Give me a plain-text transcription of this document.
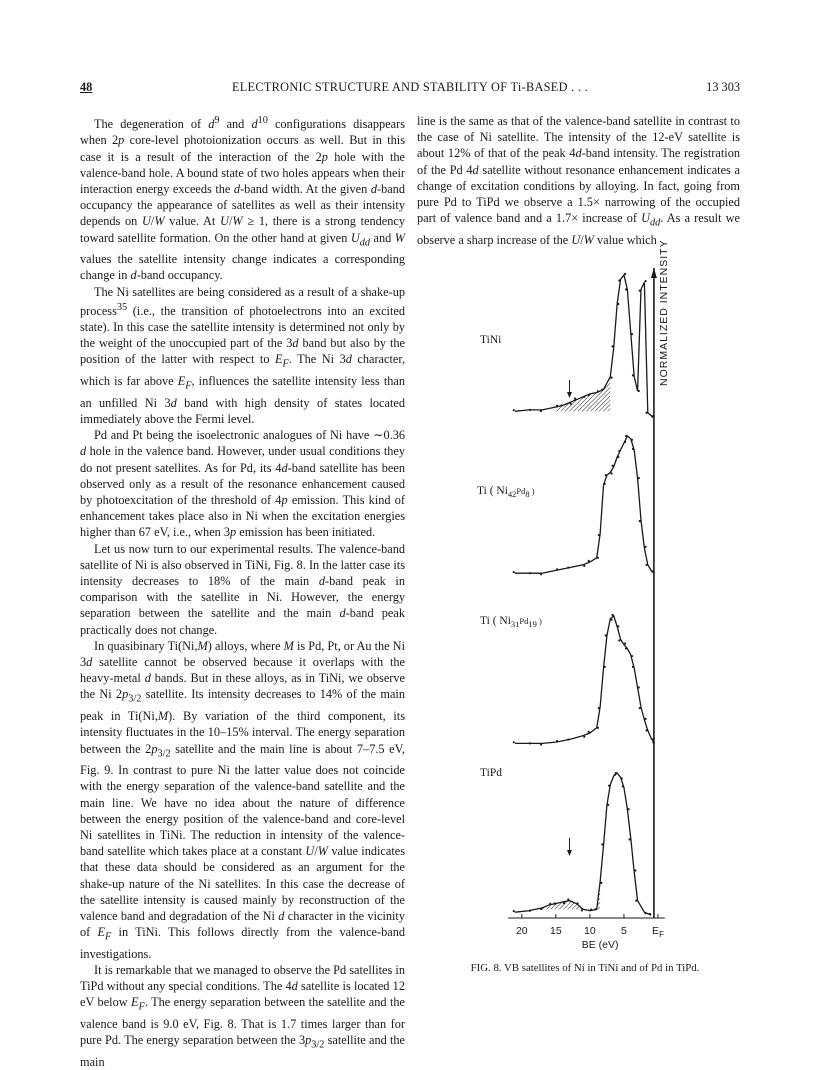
48	ELECTRONIC STRUCTURE AND STABILITY OF Ti-BASED . . .	13 303

The degeneration of $d^9$ and $d^{10}$ configurations disappears when 2p core-level photoionization occurs as well. But in this case it is a result of the interaction of the 2p hole with the valence-band hole. A bound state of two holes appears when their interaction energy exceeds the d-band width. At the given d-band occupancy the appearance of satellites as well as their intensity depends on U/W value. At U/W ≥ 1, there is a strong tendency toward satellite formation. On the other hand at given $U_{dd}$ and W values the satellite intensity change indicates a corresponding change in d-band occupancy.

The Ni satellites are being considered as a result of a shake-up process$^{35}$ (i.e., the transition of photoelectrons into an excited state). In this case the satellite intensity is determined not only by the weight of the unoccupied part of the 3d band but also by the position of the latter with respect to $E_F$. The Ni 3d character, which is far above $E_F$, influences the satellite intensity less than an unfilled Ni 3d band with high density of states located immediately above the Fermi level.

Pd and Pt being the isoelectronic analogues of Ni have ∼0.36 d hole in the valence band. However, under usual conditions they do not present satellites. As for Pd, its 4d-band satellite has been observed only as a result of the resonance enhancement caused by photoexcitation of the threshold of 4p emission. This kind of enhancement takes place also in Ni when the excitation energies higher than 67 eV, i.e., when 3p emission has been initiated.

Let us now turn to our experimental results. The valence-band satellite of Ni is also observed in TiNi, Fig. 8. In the latter case its intensity decreases to 18% of the main d-band peak in comparison with the satellite in Ni. However, the energy separation between the satellite and the main d-band peak practically does not change.

In quasibinary Ti(Ni,M) alloys, where M is Pd, Pt, or Au the Ni 3d satellite cannot be observed because it overlaps with the heavy-metal d bands. But in these alloys, as in TiNi, we observe the Ni $2p_{3/2}$ satellite. Its intensity decreases to 14% of the main peak in Ti(Ni,M). By variation of the third component, its intensity fluctuates in the 10–15% interval. The energy separation between the $2p_{3/2}$ satellite and the main line is about 7–7.5 eV, Fig. 9. In contrast to pure Ni the latter value does not coincide with the energy separation of the valence-band satellite and the main line. We have no idea about the nature of difference between the energy position of the valence-band and core-level Ni satellites in TiNi. The reduction in intensity of the valence-band satellite which takes place at a constant U/W value indicates that these data should be considered as an argument for the shake-up nature of the Ni satellites. In this case the decrease of the satellite intensity is caused mainly by reconstruction of the valence band and degradation of the Ni d character in the vicinity of $E_F$ in TiNi. This follows directly from the valence-band investigations.

It is remarkable that we managed to observe the Pd satellites in TiPd without any special conditions. The 4d satellite is located 12 eV below $E_F$. The energy separation between the satellite and the valence band is 9.0 eV, Fig. 8. That is 1.7 times larger than for pure Pd. The energy separation between the $3p_{3/2}$ satellite and the main

line is the same as that of the valence-band satellite in contrast to the case of Ni satellite. The intensity of the 12-eV satellite is about 12% of that of the peak 4d-band intensity. The registration of the Pd 4d satellite without resonance enhancement indicates a change of excitation conditions by alloying. In fact, going from pure Pd to TiPd we observe a 1.5× narrowing of the occupied part of valence band and a 1.7× increase of $U_{dd}$. As a result we observe a sharp increase of the U/W value which

20 15 10 5 $E_F$
BE (eV)
NORMALIZED INTENSITY
TiNi
Ti ( $Ni_{42}^{Pd}_8$ )
Ti ( $Ni_{31}^{Pd}_{19}$ )
TiPd
FIG. 8. VB satellites of Ni in TiNi and of Pd in TiPd.
